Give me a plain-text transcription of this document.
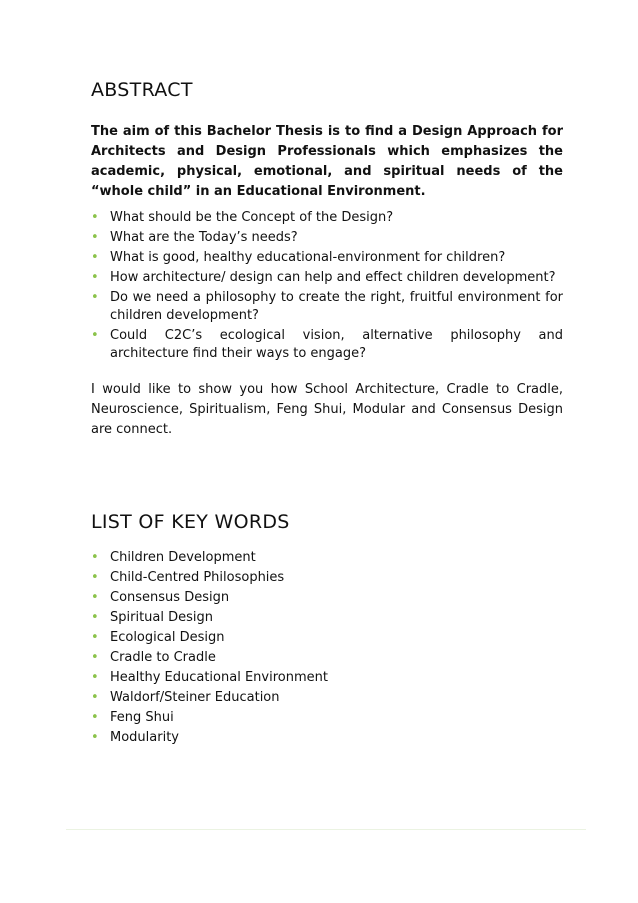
ABSTRACT

The aim of this Bachelor Thesis is to find a Design Approach for Architects and Design Professionals which emphasizes the academic, physical, emotional, and spiritual needs of the “whole child” in an Educational Environment.

• What should be the Concept of the Design?
• What are the Today’s needs?
• What is good, healthy educational-environment for children?
• How architecture/ design can help and effect children development?
• Do we need a philosophy to create the right, fruitful environment for children development?
• Could C2C’s ecological vision, alternative philosophy and architecture find their ways to engage?

I would like to show you how School Architecture, Cradle to Cradle, Neuroscience, Spiritualism, Feng Shui, Modular and Consensus Design are connect.

LIST OF KEY WORDS
• Children Development
• Child-Centred Philosophies
• Consensus Design
• Spiritual Design
• Ecological Design
• Cradle to Cradle
• Healthy Educational Environment
• Waldorf/Steiner Education
• Feng Shui
• Modularity
